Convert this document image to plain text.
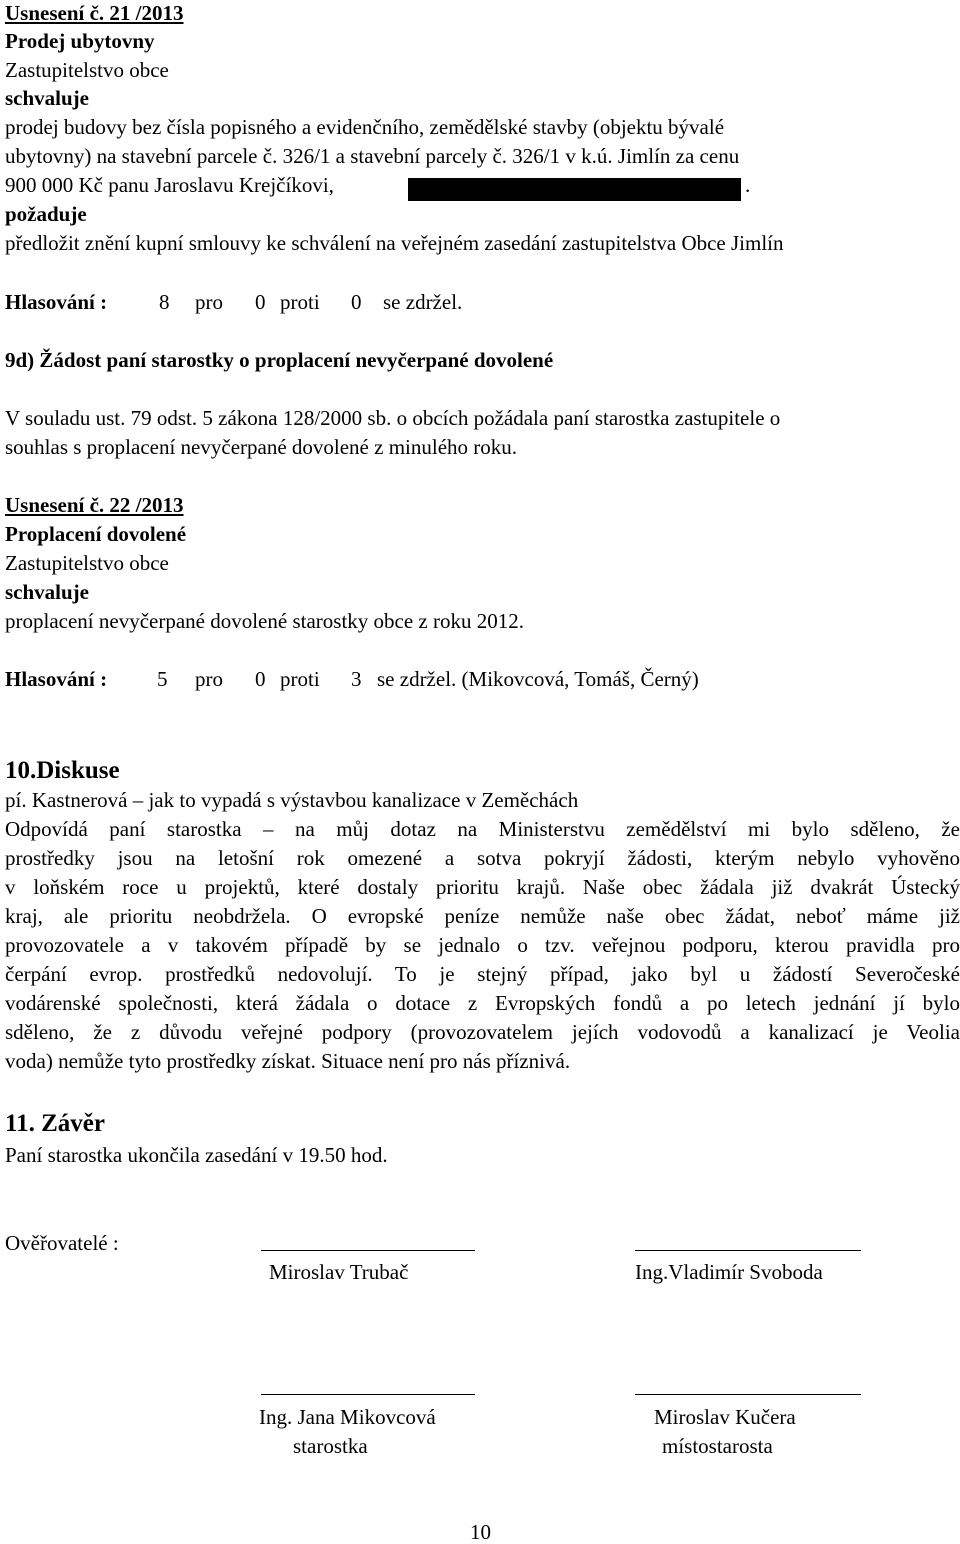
Usnesení č. 21 /2013
Prodej ubytovny
Zastupitelstvo obce
schvaluje
prodej budovy bez čísla popisného a evidenčního, zemědělské stavby (objektu bývalé
ubytovny) na stavební parcele č. 326/1 a stavební parcely č. 326/1 v k.ú. Jimlín za cenu
900 000 Kč panu Jaroslavu Krejčíkovi,	.
požaduje
předložit znění kupní smlouvy ke schválení na veřejném zasedání zastupitelstva Obce Jimlín
Hlasování : 8 pro 0 proti 0 se zdržel.
9d) Žádost paní starostky o proplacení nevyčerpané dovolené
V souladu ust. 79 odst. 5 zákona 128/2000 sb. o obcích požádala paní starostka zastupitele o
souhlas s proplacení nevyčerpané dovolené z minulého roku.
Usnesení č. 22 /2013
Proplacení dovolené
Zastupitelstvo obce
schvaluje
proplacení nevyčerpané dovolené starostky obce z roku 2012.
Hlasování : 5 pro 0 proti 3 se zdržel. (Mikovcová, Tomáš, Černý)
10.Diskuse
pí. Kastnerová – jak to vypadá s výstavbou kanalizace v Zeměchách
Odpovídá paní starostka – na můj dotaz na Ministerstvu zemědělství mi bylo sděleno, že
prostředky jsou na letošní rok omezené a sotva pokryjí žádosti, kterým nebylo vyhověno
v loňském roce u projektů, které dostaly prioritu krajů. Naše obec žádala již dvakrát Ústecký
kraj, ale prioritu neobdržela. O evropské peníze nemůže naše obec žádat, neboť máme již
provozovatele a v takovém případě by se jednalo o tzv. veřejnou podporu, kterou pravidla pro
čerpání evrop. prostředků nedovolují. To je stejný případ, jako byl u žádostí Severočeské
vodárenské společnosti, která žádala o dotace z Evropských fondů a po letech jednání jí bylo
sděleno, že z důvodu veřejné podpory (provozovatelem jejích vodovodů a kanalizací je Veolia
voda) nemůže tyto prostředky získat. Situace není pro nás příznivá.
11. Závěr
Paní starostka ukončila zasedání v 19.50 hod.
Ověřovatelé :
Miroslav Trubač	Ing.Vladimír Svoboda
Ing. Jana Mikovcová	Miroslav Kučera
starostka	místostarosta
10
